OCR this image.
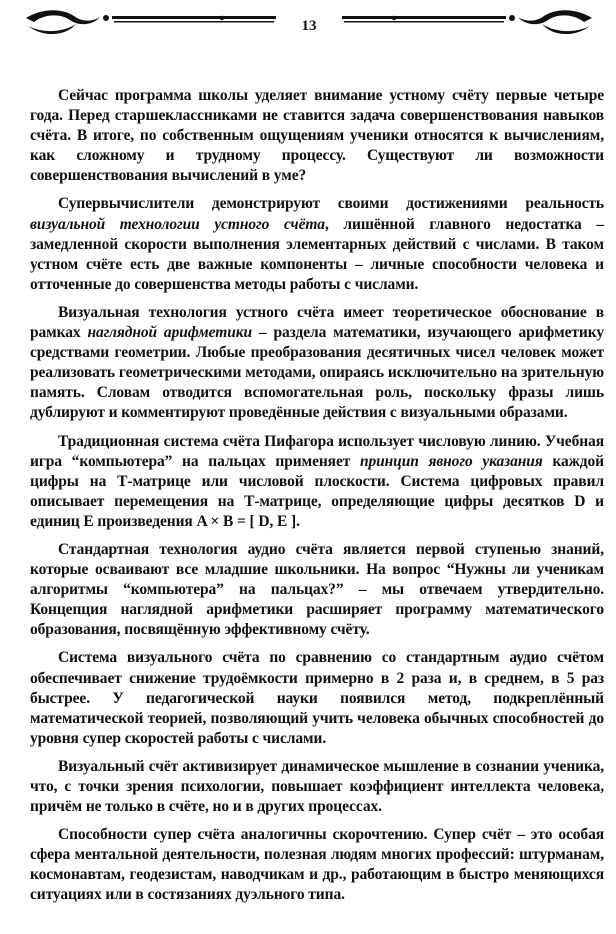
13

Сейчас программа школы уделяет внимание устному счёту первые четыре года. Перед старшеклассниками не ставится задача совершенствования навыков счёта. В итоге, по собственным ощущениям ученики относятся к вычислениям, как сложному и трудному процессу. Существуют ли возможности совершенствования вычислений в уме?

Супервычислители демонстрируют своими достижениями реальность визуальной технологии устного счёта, лишённой главного недостатка – замедленной скорости выполнения элементарных действий с числами. В таком устном счёте есть две важные компоненты – личные способности человека и отточенные до совершенства методы работы с числами.

Визуальная технология устного счёта имеет теоретическое обоснование в рамках наглядной арифметики – раздела математики, изучающего арифметику средствами геометрии. Любые преобразования десятичных чисел человек может реализовать геометрическими методами, опираясь исключительно на зрительную память. Словам отводится вспомогательная роль, поскольку фразы лишь дублируют и комментируют проведённые действия с визуальными образами.

Традиционная система счёта Пифагора использует числовую линию. Учебная игра “компьютера” на пальцах применяет принцип явного указания каждой цифры на Т-матрице или числовой плоскости. Система цифровых правил описывает перемещения на Т-матрице, определяющие цифры десятков D и единиц E произведения A × B = [ D, E ].

Стандартная технология аудио счёта является первой ступенью знаний, которые осваивают все младшие школьники. На вопрос “Нужны ли ученикам алгоритмы “компьютера” на пальцах?” – мы отвечаем утвердительно. Концепция наглядной арифметики расширяет программу математического образования, посвящённую эффективному счёту.

Система визуального счёта по сравнению со стандартным аудио счётом обеспечивает снижение трудоёмкости примерно в 2 раза и, в среднем, в 5 раз быстрее. У педагогической науки появился метод, подкреплённый математической теорией, позволяющий учить человека обычных способностей до уровня супер скоростей работы с числами.

Визуальный счёт активизирует динамическое мышление в сознании ученика, что, с точки зрения психологии, повышает коэффициент интеллекта человека, причём не только в счёте, но и в других процессах.

Способности супер счёта аналогичны скорочтению. Супер счёт – это особая сфера ментальной деятельности, полезная людям многих профессий: штурманам, космонавтам, геодезистам, наводчикам и др., работающим в быстро меняющихся ситуациях или в состязаниях дуэльного типа.
